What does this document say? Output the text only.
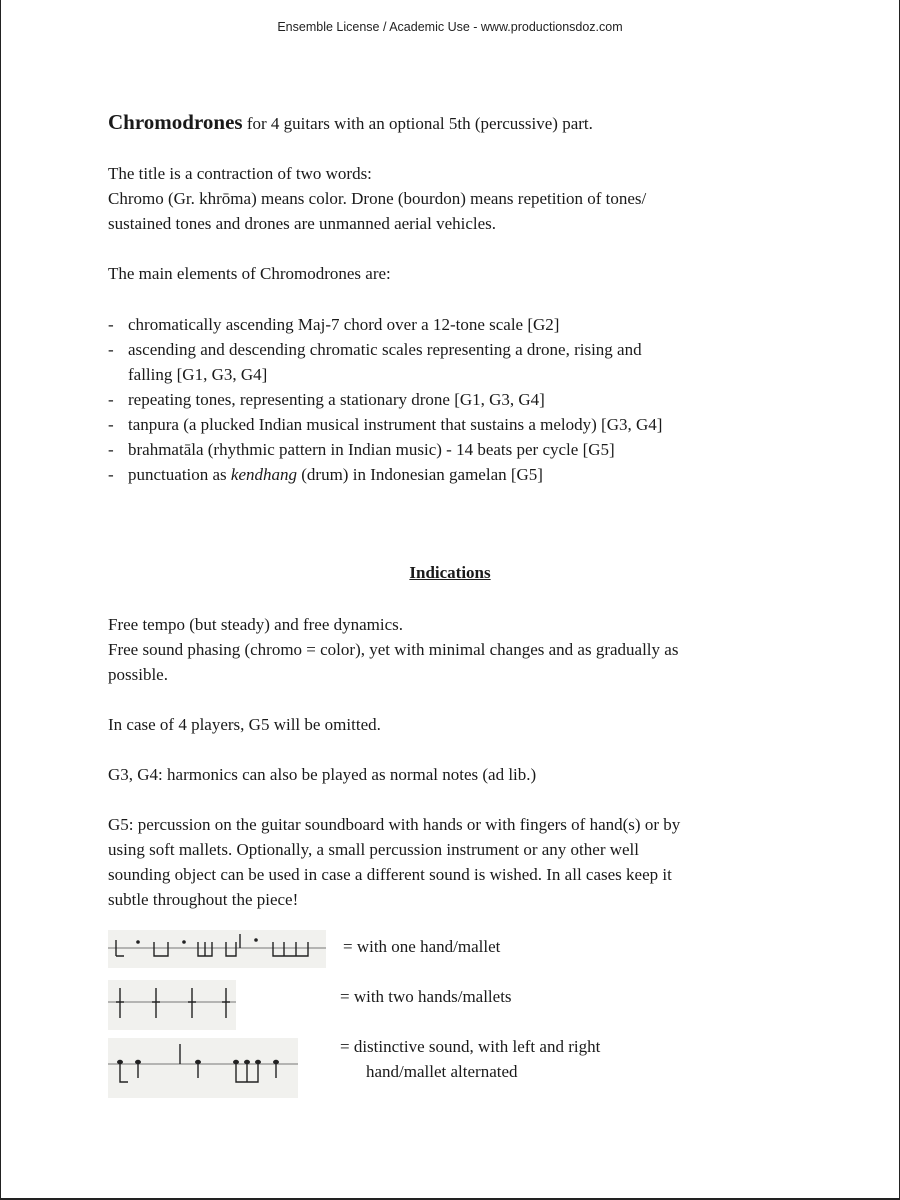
Ensemble License / Academic Use - www.productionsdoz.com
Chromodrones for 4 guitars with an optional 5th (percussive) part.
The title is a contraction of two words:
Chromo (Gr. khrōma) means color. Drone (bourdon) means repetition of tones/
sustained tones and drones are unmanned aerial vehicles.
The main elements of Chromodrones are:
- chromatically ascending Maj-7 chord over a 12-tone scale [G2]
- ascending and descending chromatic scales representing a drone, rising and
falling [G1, G3, G4]
- repeating tones, representing a stationary drone [G1, G3, G4]
- tanpura (a plucked Indian musical instrument that sustains a melody) [G3, G4]
- brahmatāla (rhythmic pattern in Indian music) - 14 beats per cycle [G5]
- punctuation as kendhang (drum) in Indonesian gamelan [G5]
Free tempo (but steady) and free dynamics.
Free sound phasing (chromo = color), yet with minimal changes and as gradually as
possible.
In case of 4 players, G5 will be omitted.
G3, G4: harmonics can also be played as normal notes (ad lib.)
G5: percussion on the guitar soundboard with hands or with fingers of hand(s) or by
using soft mallets. Optionally, a small percussion instrument or any other well
sounding object can be used in case a different sound is wished. In all cases keep it
subtle throughout the piece!
Indications
= with one hand/mallet
= with two hands/mallets
= distinctive sound, with left and right
hand/mallet alternated
